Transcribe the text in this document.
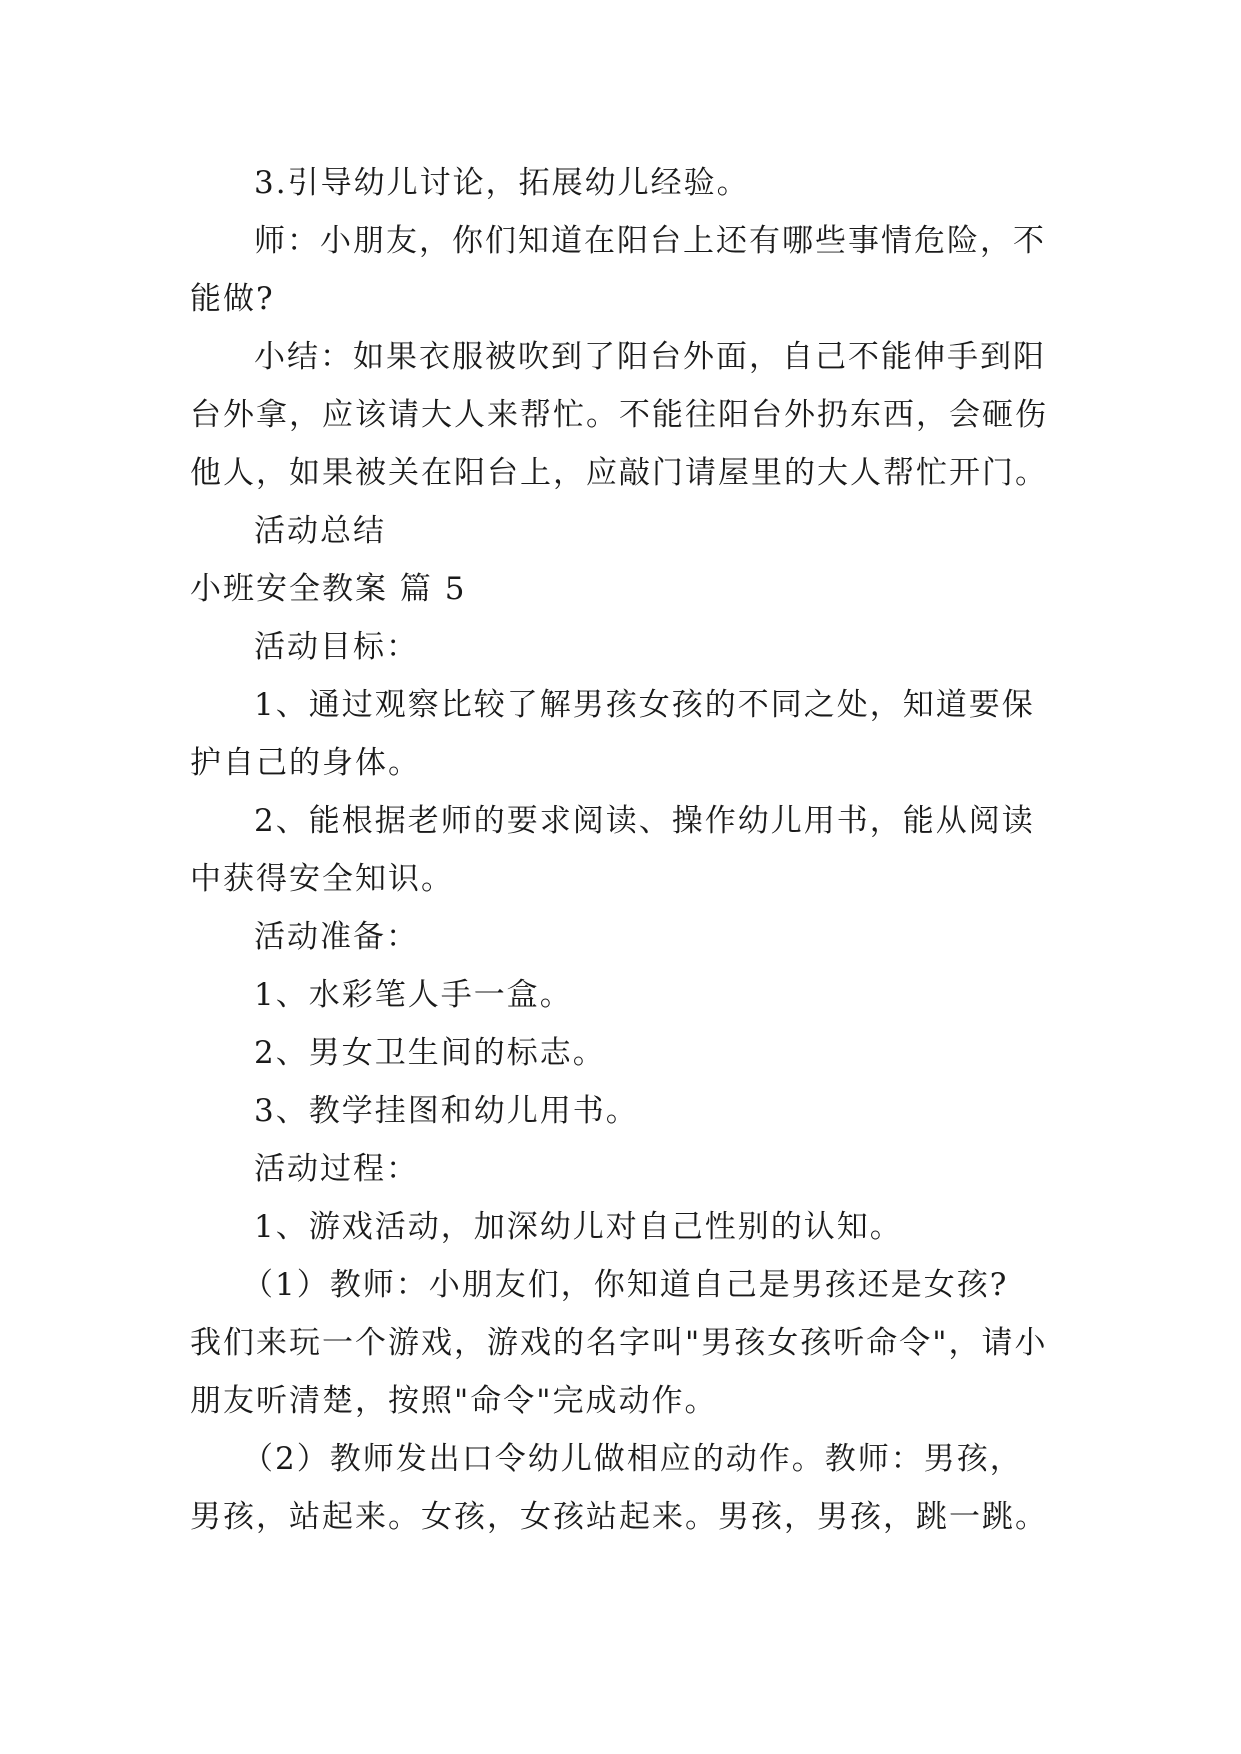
3.引导幼儿讨论，拓展幼儿经验。
师：小朋友，你们知道在阳台上还有哪些事情危险，不
能做?
小结：如果衣服被吹到了阳台外面，自己不能伸手到阳
台外拿，应该请大人来帮忙。不能往阳台外扔东西，会砸伤
他人，如果被关在阳台上，应敲门请屋里的大人帮忙开门。
活动总结
小班安全教案 篇 5
活动目标：
1、通过观察比较了解男孩女孩的不同之处，知道要保
护自己的身体。
2、能根据老师的要求阅读、操作幼儿用书，能从阅读
中获得安全知识。
活动准备：
1、水彩笔人手一盒。
2、男女卫生间的标志。
3、教学挂图和幼儿用书。
活动过程：
1、游戏活动，加深幼儿对自己性别的认知。
（1）教师：小朋友们，你知道自己是男孩还是女孩?
我们来玩一个游戏，游戏的名字叫"男孩女孩听命令"，请小
朋友听清楚，按照"命令"完成动作。
（2）教师发出口令幼儿做相应的动作。教师：男孩，
男孩，站起来。女孩，女孩站起来。男孩，男孩，跳一跳。
